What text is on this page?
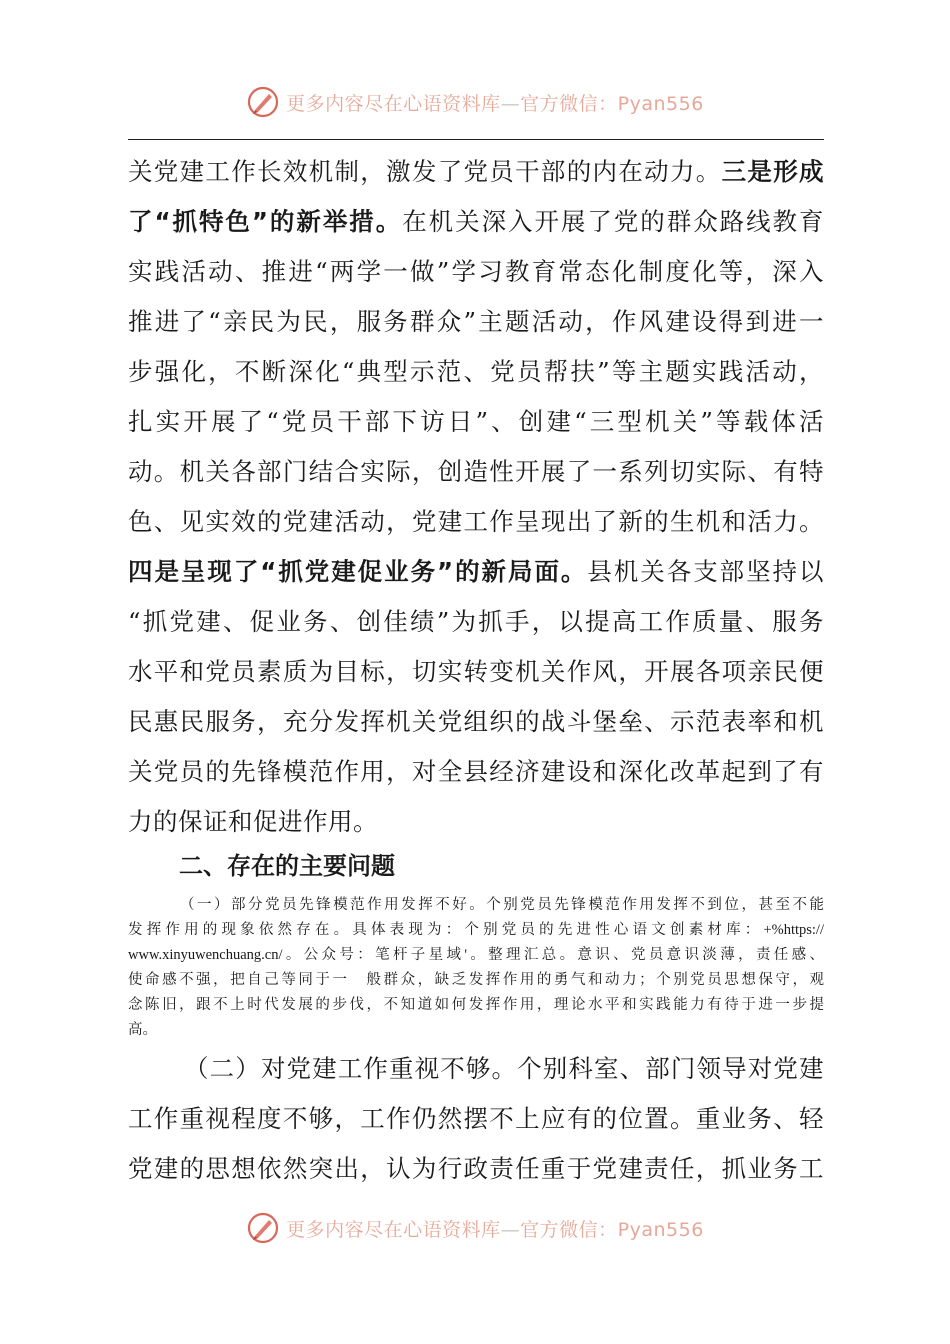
更多内容尽在心语资料库—官方微信：Pyan556
关党建工作长效机制，激发了党员干部的内在动力。三是形成
了“抓特色”的新举措。在机关深入开展了党的群众路线教育
实践活动、推进“两学一做”学习教育常态化制度化等，深入
推进了“亲民为民，服务群众”主题活动，作风建设得到进一
步强化，不断深化“典型示范、党员帮扶”等主题实践活动，
扎实开展了“党员干部下访日”、创建“三型机关”等载体活
动。机关各部门结合实际，创造性开展了一系列切实际、有特
色、见实效的党建活动，党建工作呈现出了新的生机和活力。
四是呈现了“抓党建促业务”的新局面。县机关各支部坚持以
“抓党建、促业务、创佳绩”为抓手，以提高工作质量、服务
水平和党员素质为目标，切实转变机关作风，开展各项亲民便
民惠民服务，充分发挥机关党组织的战斗堡垒、示范表率和机
关党员的先锋模范作用，对全县经济建设和深化改革起到了有
力的保证和促进作用。
二、存在的主要问题
（一）部分党员先锋模范作用发挥不好。个别党员先锋模范作用发挥不到位，甚至不能
发挥作用的现象依然存在。具体表现为：个别党员的先进性心语文创素材库：+%https://
www.xinyuwenchuang.cn/。公众号：笔杆子星域'。整理汇总。意识、党员意识淡薄，责任感、
使命感不强，把自己等同于一　般群众，缺乏发挥作用的勇气和动力；个别党员思想保守，观
念陈旧，跟不上时代发展的步伐，不知道如何发挥作用，理论水平和实践能力有待于进一步提
高。
（二）对党建工作重视不够。个别科室、部门领导对党建
工作重视程度不够，工作仍然摆不上应有的位置。重业务、轻
党建的思想依然突出，认为行政责任重于党建责任，抓业务工
更多内容尽在心语资料库—官方微信：Pyan556
